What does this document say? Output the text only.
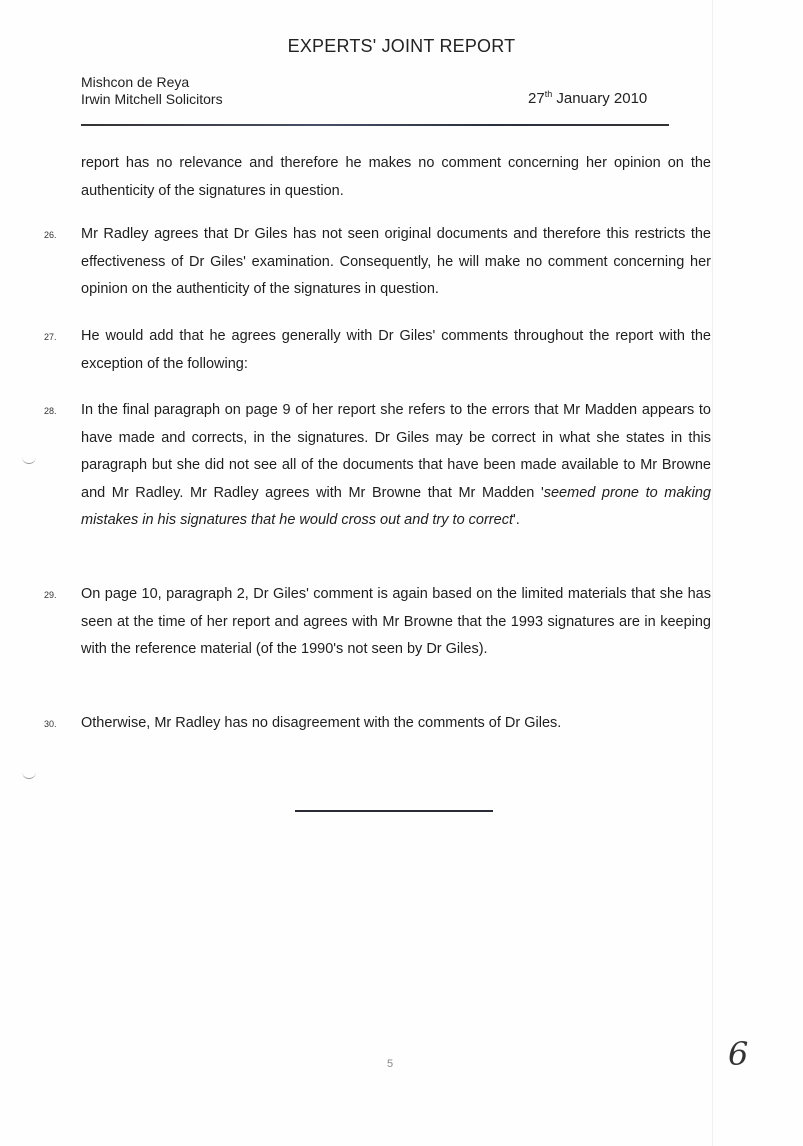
EXPERTS' JOINT REPORT
Mishcon de Reya
Irwin Mitchell Solicitors	27th January 2010
report has no relevance and therefore he makes no comment concerning her opinion on the authenticity of the signatures in question.
26. Mr Radley agrees that Dr Giles has not seen original documents and therefore this restricts the effectiveness of Dr Giles' examination. Consequently, he will make no comment concerning her opinion on the authenticity of the signatures in question.
27. He would add that he agrees generally with Dr Giles' comments throughout the report with the exception of the following:
28. In the final paragraph on page 9 of her report she refers to the errors that Mr Madden appears to have made and corrects, in the signatures. Dr Giles may be correct in what she states in this paragraph but she did not see all of the documents that have been made available to Mr Browne and Mr Radley. Mr Radley agrees with Mr Browne that Mr Madden 'seemed prone to making mistakes in his signatures that he would cross out and try to correct'.
29. On page 10, paragraph 2, Dr Giles' comment is again based on the limited materials that she has seen at the time of her report and agrees with Mr Browne that the 1993 signatures are in keeping with the reference material (of the 1990's not seen by Dr Giles).
30. Otherwise, Mr Radley has no disagreement with the comments of Dr Giles.
5	6
